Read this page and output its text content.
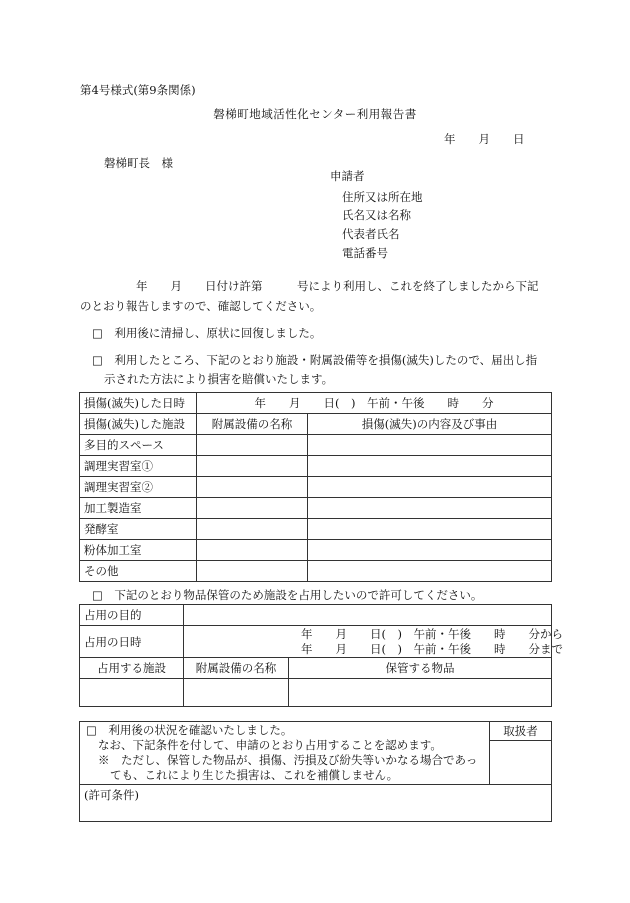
第4号様式(第9条関係)
磐梯町地域活性化センター利用報告書
年　　月　　日
磐梯町長　様
申請者
住所又は所在地
氏名又は名称
代表者氏名
電話番号
年　　月　　日付け許第　　　号により利用し、これを終了しましたから下記
のとおり報告しますので、確認してください。
□　利用後に清掃し、原状に回復しました。
□　利用したところ、下記のとおり施設・附属設備等を損傷(滅失)したので、届出し指
示された方法により損害を賠償いたします。
損傷(滅失)した日時	年　　月　　日(　)　午前・午後　　時　　分	
損傷(滅失)した施設	附属設備の名称	損傷(滅失)の内容及び事由
多目的スペース		
調理実習室①		
調理実習室②		
加工製造室		
発酵室		
粉体加工室		
その他		
□　下記のとおり物品保管のため施設を占用したいので許可してください。
占用の目的		
占用の日時	年　　月　　日(　)　午前・午後　　時　　分から
年　　月　　日(　)　午前・午後　　時　　分まで	

占用する施設	附属設備の名称	保管する物品

□　利用後の状況を確認いたしました。
なお、下記条件を付して、申請のとおり占用することを認めます。
※　ただし、保管した物品が、損傷、汚損及び紛失等いかなる場合であっ
ても、これにより生じた損害は、これを補償しません。
	取扱者

(許可条件)
